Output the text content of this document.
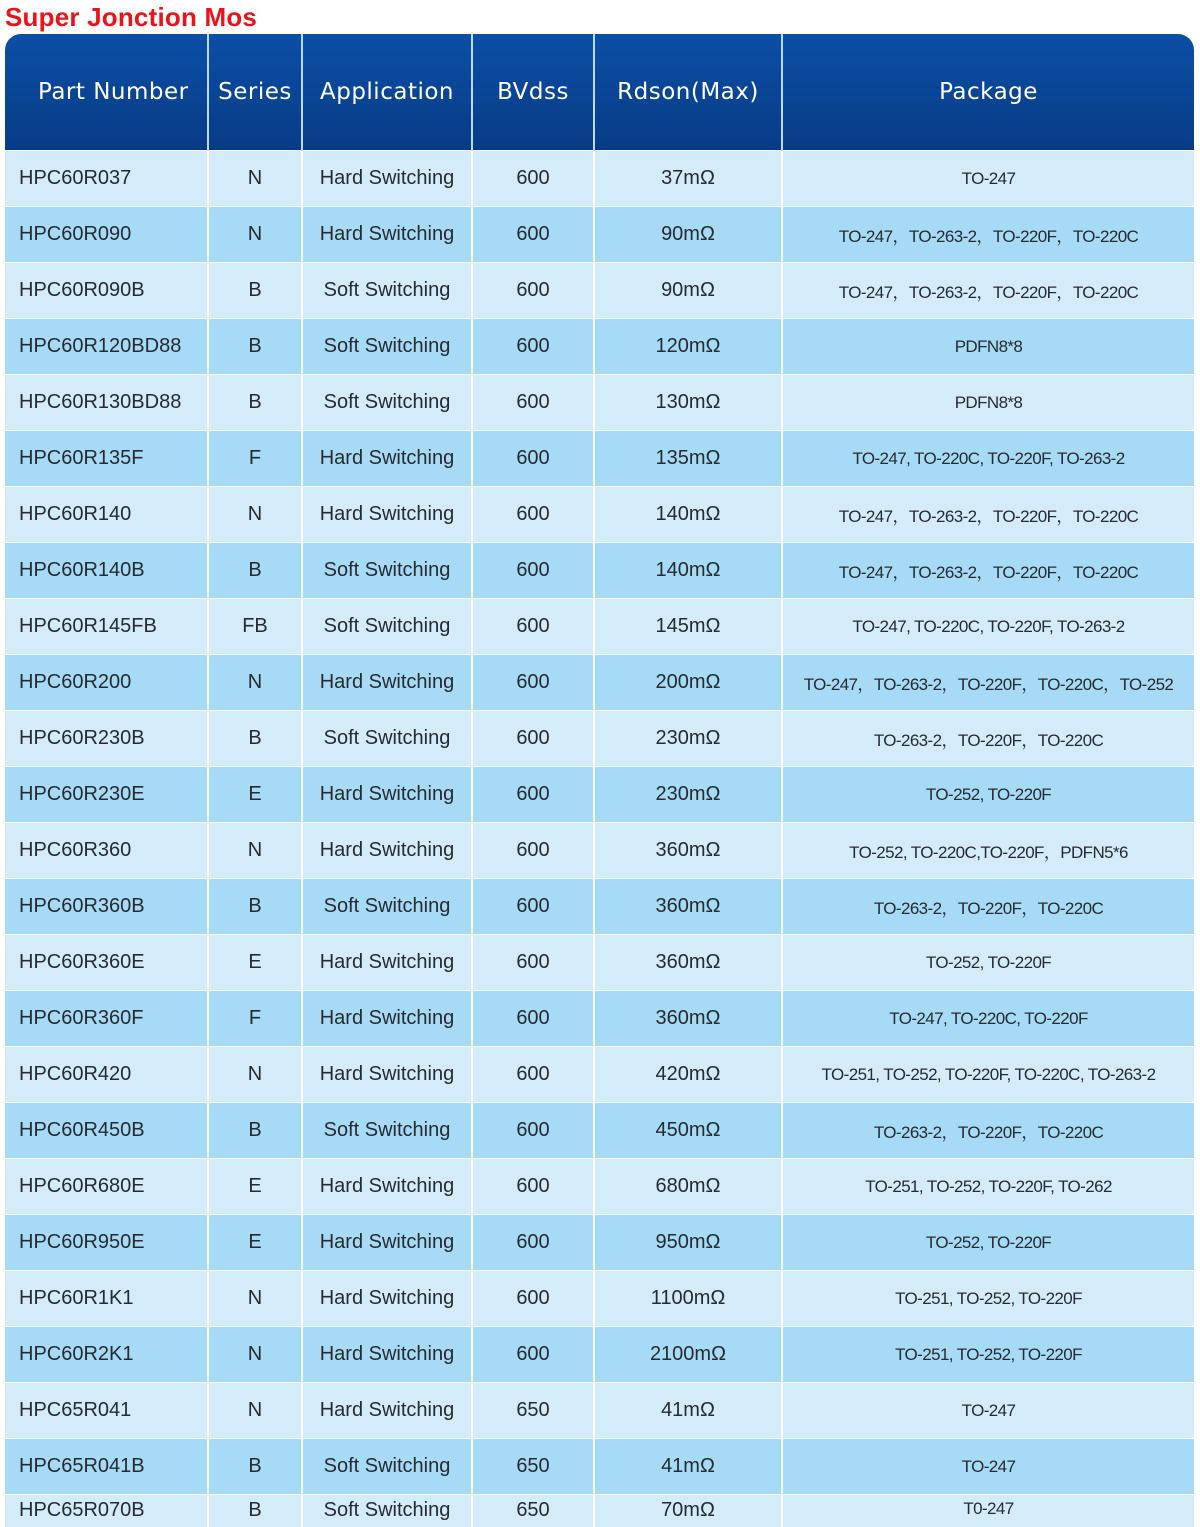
Super Jonction Mos
Part Number	Series	Application	BVdss	Rdson(Max)	Package
HPC60R037	N	Hard Switching	600	37mΩ	TO-247
HPC60R090	N	Hard Switching	600	90mΩ	TO-247，TO-263-2，TO-220F，TO-220C
HPC60R090B	B	Soft Switching	600	90mΩ	TO-247，TO-263-2，TO-220F，TO-220C
HPC60R120BD88	B	Soft Switching	600	120mΩ	PDFN8*8
HPC60R130BD88	B	Soft Switching	600	130mΩ	PDFN8*8
HPC60R135F	F	Hard Switching	600	135mΩ	TO-247, TO-220C, TO-220F, TO-263-2
HPC60R140	N	Hard Switching	600	140mΩ	TO-247，TO-263-2，TO-220F，TO-220C
HPC60R140B	B	Soft Switching	600	140mΩ	TO-247，TO-263-2，TO-220F，TO-220C
HPC60R145FB	FB	Soft Switching	600	145mΩ	TO-247, TO-220C, TO-220F, TO-263-2
HPC60R200	N	Hard Switching	600	200mΩ	TO-247，TO-263-2，TO-220F，TO-220C，TO-252
HPC60R230B	B	Soft Switching	600	230mΩ	TO-263-2，TO-220F，TO-220C
HPC60R230E	E	Hard Switching	600	230mΩ	TO-252, TO-220F
HPC60R360	N	Hard Switching	600	360mΩ	TO-252, TO-220C,TO-220F，PDFN5*6
HPC60R360B	B	Soft Switching	600	360mΩ	TO-263-2，TO-220F，TO-220C
HPC60R360E	E	Hard Switching	600	360mΩ	TO-252, TO-220F
HPC60R360F	F	Hard Switching	600	360mΩ	TO-247, TO-220C, TO-220F
HPC60R420	N	Hard Switching	600	420mΩ	TO-251, TO-252, TO-220F, TO-220C, TO-263-2
HPC60R450B	B	Soft Switching	600	450mΩ	TO-263-2，TO-220F，TO-220C
HPC60R680E	E	Hard Switching	600	680mΩ	TO-251, TO-252, TO-220F, TO-262
HPC60R950E	E	Hard Switching	600	950mΩ	TO-252, TO-220F
HPC60R1K1	N	Hard Switching	600	1100mΩ	TO-251, TO-252, TO-220F
HPC60R2K1	N	Hard Switching	600	2100mΩ	TO-251, TO-252, TO-220F
HPC65R041	N	Hard Switching	650	41mΩ	TO-247
HPC65R041B	B	Soft Switching	650	41mΩ	TO-247
HPC65R070B	B	Soft Switching	650	70mΩ	T0-247
